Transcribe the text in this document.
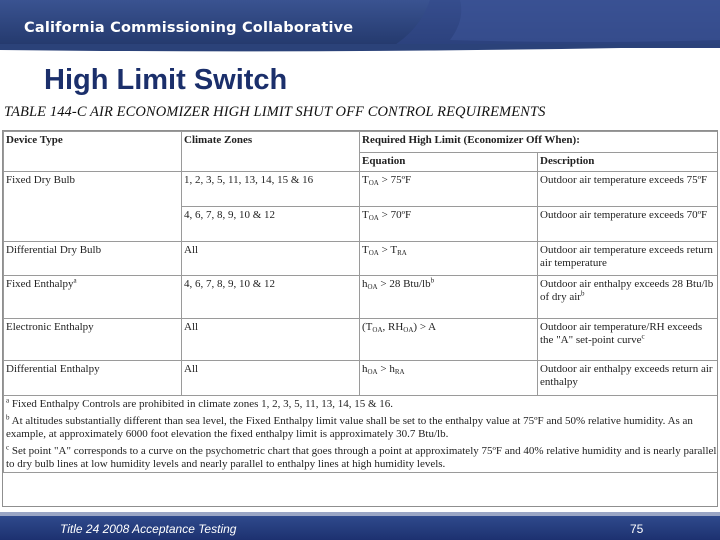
California Commissioning Collaborative
High Limit Switch
TABLE 144-C AIR ECONOMIZER HIGH LIMIT SHUT OFF CONTROL REQUIREMENTS
Device Type	Climate Zones	Required High Limit (Economizer Off When):	
		Equation	Description
Fixed Dry Bulb	1, 2, 3, 5, 11, 13, 14, 15 & 16	TOA > 75ºF	Outdoor air temperature exceeds 75ºF
	4, 6, 7, 8, 9, 10 & 12	TOA > 70ºF	Outdoor air temperature exceeds 70ºF
Differential Dry Bulb	All	TOA > TRA	Outdoor air temperature exceeds return air temperature
Fixed Enthalpy$^a$	4, 6, 7, 8, 9, 10 & 12	hOA > 28 Btu/$lb^b$	Outdoor air enthalpy exceeds 28 Btu/lb of dry air$^b$
Electronic Enthalpy	All	(TOA, RHOA) > A	Outdoor air temperature/RH exceeds the "A" set-point curve$^c$
Differential Enthalpy	All	hOA > hRA	Outdoor air enthalpy exceeds return air enthalpy

$^a$ Fixed Enthalpy Controls are prohibited in climate zones 1, 2, 3, 5, 11, 13, 14, 15 & 16.

$^b$ At altitudes substantially different than sea level, the Fixed Enthalpy limit value shall be set to the enthalpy value at 75ºF and 50% relative humidity. As an example, at approximately 6000 foot elevation the fixed enthalpy limit is approximately 30.7 Btu/lb.

$^c$ Set point "A" corresponds to a curve on the psychometric chart that goes through a point at approximately 75ºF and 40% relative humidity and is nearly parallel to dry bulb lines at low humidity levels and nearly parallel to enthalpy lines at high humidity levels.			

Title 24 2008 Acceptance Testing	75
